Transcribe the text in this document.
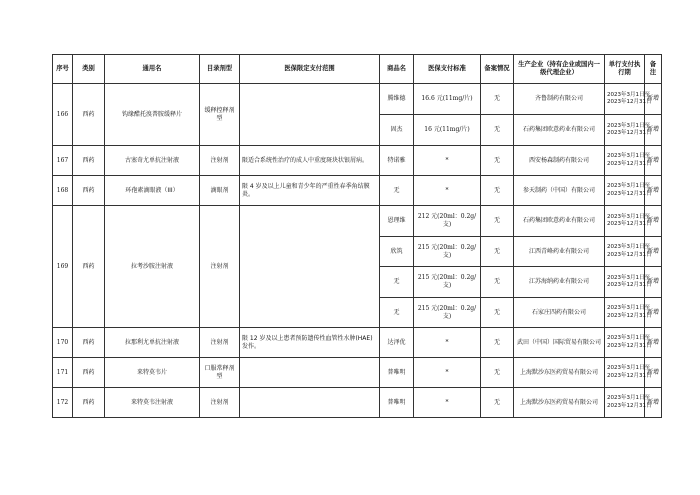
序号	类别	通用名	目录剂型	医保限定支付范围	商品名	医保支付标准	备案情况	生产企业（持有企业或国内一级代理企业）	单行支付执行期	备注
166	西药	钩缘醋托溴普胺缓释片	缓释控释剂型		腾维德	16.6 元(11mg/片)	无	齐鲁制药有限公司	2023年3月1日至
2023年12月31日	新增
					固杰	16 元(11mg/片)	无	石药集团欧意药业有限公司	2023年3月1日至
2023年12月31日	新增
167	西药	古塞奇尤单抗注射液	注射剂	限适合系统性治疗的成人中重度斑块状银屑病。	特诺雅	*	无	西安杨森制药有限公司	2023年3月1日至
2023年12月31日	新增
168	西药	环孢素滴眼液（III）	滴眼剂	限 4 岁及以上儿童和青少年的严重性春季角结膜炎。	无	*	无	参天制药（中国）有限公司	2023年3月1日至
2023年12月31日	新增
169	西药	拉考沙胺注射液	注射剂		恩理维	212 元(20ml：0.2g/支)	无	石药集团欧意药业有限公司	2023年3月1日至
2023年12月31日	新增
					欣筑	215 元(20ml：0.2g/支)	无	江西青峰药业有限公司	2023年3月1日至
2023年12月31日	新增
					无	215 元(20ml：0.2g/支)	无	江苏海纳药业有限公司	2023年3月1日至
2023年12月31日	新增
					无	215 元(20ml：0.2g/支)	无	石家庄四药有限公司	2023年3月1日至
2023年12月31日	新增
170	西药	拉那利尤单抗注射液	注射剂	限 12 岁及以上患者预防遗传性血管性水肿(HAE)发作。	达泽优	*	无	武田（中国）国际贸易有限公司	2023年3月1日至
2023年12月31日	新增
171	西药	来特莫韦片	口服常释剂型		普唯明	*	无	上海默沙东医药贸易有限公司	2023年3月1日至
2023年12月31日	新增
172	西药	来特莫韦注射液	注射剂		普唯明	*	无	上海默沙东医药贸易有限公司	2023年3月1日至
2023年12月31日	新增
